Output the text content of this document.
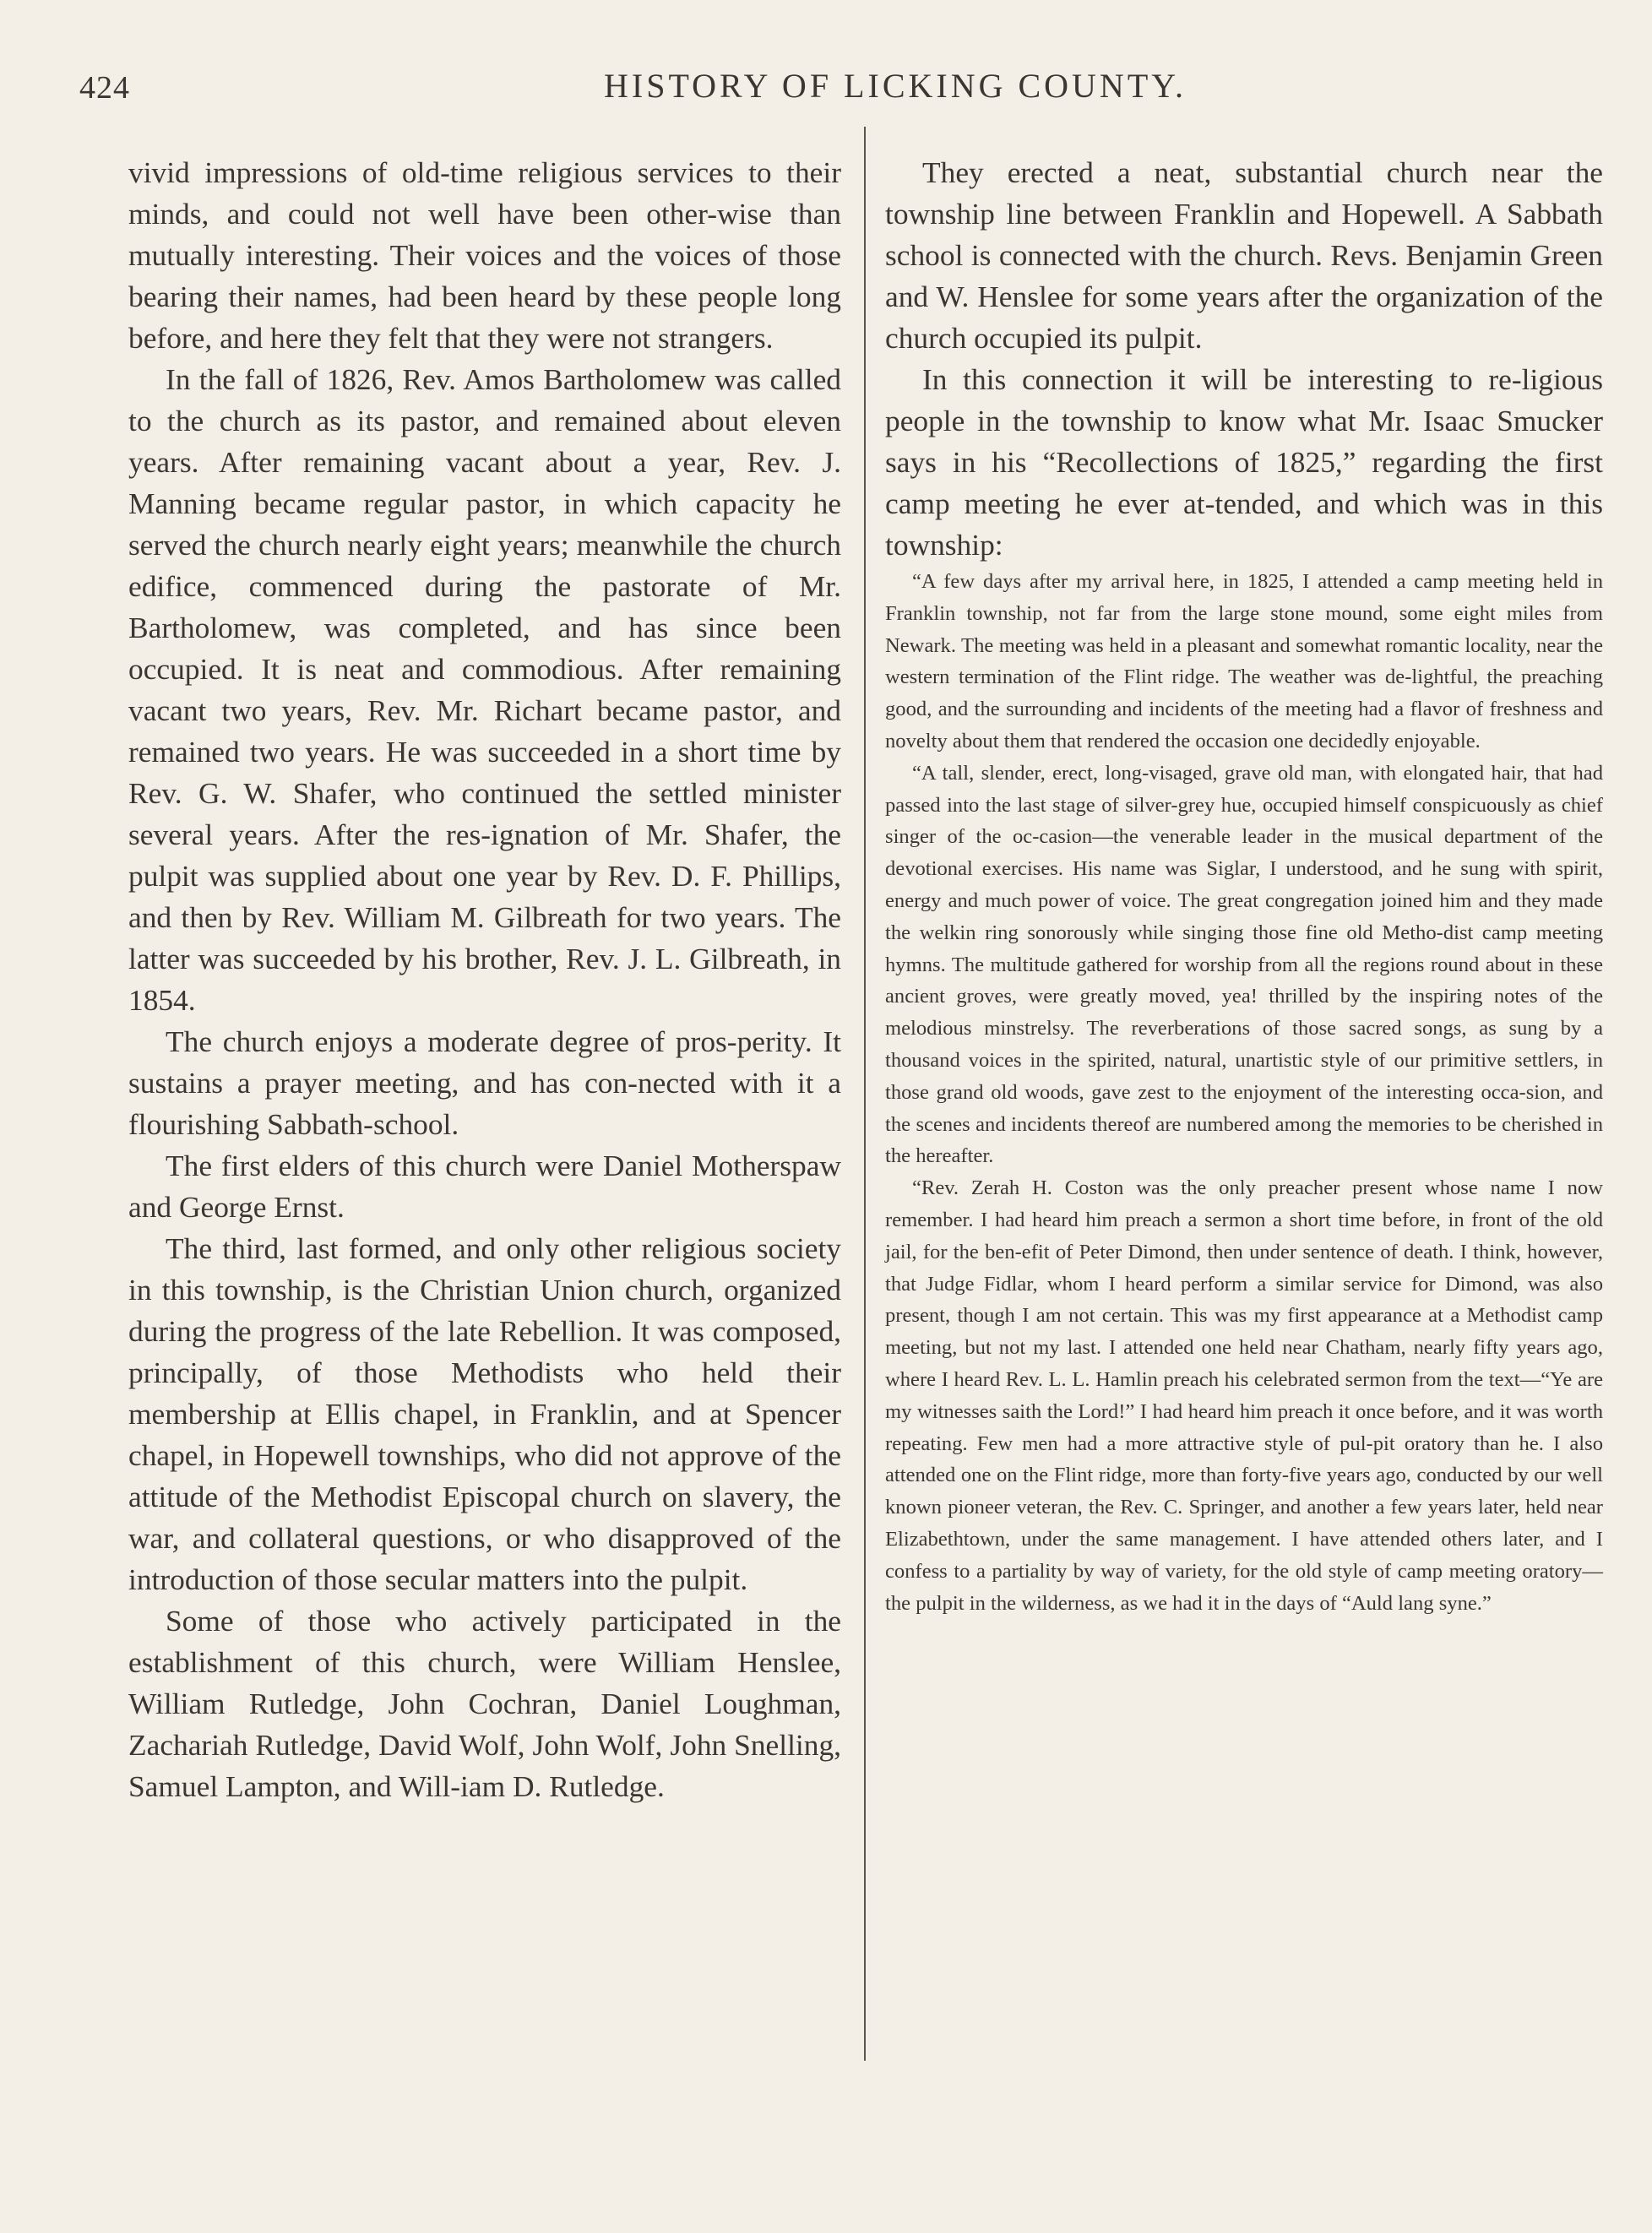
424	HISTORY OF LICKING COUNTY.

vivid impressions of old-time religious services to their minds, and could not well have been other-wise than mutually interesting. Their voices and the voices of those bearing their names, had been heard by these people long before, and here they felt that they were not strangers.

In the fall of 1826, Rev. Amos Bartholomew was called to the church as its pastor, and remained about eleven years. After remaining vacant about a year, Rev. J. Manning became regular pastor, in which capacity he served the church nearly eight years; meanwhile the church edifice, commenced during the pastorate of Mr. Bartholomew, was completed, and has since been occupied. It is neat and commodious. After remaining vacant two years, Rev. Mr. Richart became pastor, and remained two years. He was succeeded in a short time by Rev. G. W. Shafer, who continued the settled minister several years. After the res-ignation of Mr. Shafer, the pulpit was supplied about one year by Rev. D. F. Phillips, and then by Rev. William M. Gilbreath for two years. The latter was succeeded by his brother, Rev. J. L. Gilbreath, in 1854.

The church enjoys a moderate degree of pros-perity. It sustains a prayer meeting, and has con-nected with it a flourishing Sabbath-school.

The first elders of this church were Daniel Motherspaw and George Ernst.

The third, last formed, and only other religious society in this township, is the Christian Union church, organized during the progress of the late Rebellion. It was composed, principally, of those Methodists who held their membership at Ellis chapel, in Franklin, and at Spencer chapel, in Hopewell townships, who did not approve of the attitude of the Methodist Episcopal church on slavery, the war, and collateral questions, or who disapproved of the introduction of those secular matters into the pulpit.

Some of those who actively participated in the establishment of this church, were William Henslee, William Rutledge, John Cochran, Daniel Loughman, Zachariah Rutledge, David Wolf, John Wolf, John Snelling, Samuel Lampton, and Will-iam D. Rutledge.

They erected a neat, substantial church near the township line between Franklin and Hopewell. A Sabbath school is connected with the church. Revs. Benjamin Green and W. Henslee for some years after the organization of the church occupied its pulpit.

In this connection it will be interesting to re-ligious people in the township to know what Mr. Isaac Smucker says in his “Recollections of 1825,” regarding the first camp meeting he ever at-tended, and which was in this township:

“A few days after my arrival here, in 1825, I attended a camp meeting held in Franklin township, not far from the large stone mound, some eight miles from Newark. The meeting was held in a pleasant and somewhat romantic locality, near the western termination of the Flint ridge. The weather was de-lightful, the preaching good, and the surrounding and incidents of the meeting had a flavor of freshness and novelty about them that rendered the occasion one decidedly enjoyable.

“A tall, slender, erect, long-visaged, grave old man, with elongated hair, that had passed into the last stage of silver-grey hue, occupied himself conspicuously as chief singer of the oc-casion—the venerable leader in the musical department of the devotional exercises. His name was Siglar, I understood, and he sung with spirit, energy and much power of voice. The great congregation joined him and they made the welkin ring sonorously while singing those fine old Metho-dist camp meeting hymns. The multitude gathered for worship from all the regions round about in these ancient groves, were greatly moved, yea! thrilled by the inspiring notes of the melodious minstrelsy. The reverberations of those sacred songs, as sung by a thousand voices in the spirited, natural, unartistic style of our primitive settlers, in those grand old woods, gave zest to the enjoyment of the interesting occa-sion, and the scenes and incidents thereof are numbered among the memories to be cherished in the hereafter.

“Rev. Zerah H. Coston was the only preacher present whose name I now remember. I had heard him preach a sermon a short time before, in front of the old jail, for the ben-efit of Peter Dimond, then under sentence of death. I think, however, that Judge Fidlar, whom I heard perform a similar service for Dimond, was also present, though I am not certain. This was my first appearance at a Methodist camp meeting, but not my last. I attended one held near Chatham, nearly fifty years ago, where I heard Rev. L. L. Hamlin preach his celebrated sermon from the text—“Ye are my witnesses saith the Lord!” I had heard him preach it once before, and it was worth repeating. Few men had a more attractive style of pul-pit oratory than he. I also attended one on the Flint ridge, more than forty-five years ago, conducted by our well known pioneer veteran, the Rev. C. Springer, and another a few years later, held near Elizabethtown, under the same management. I have attended others later, and I confess to a partiality by way of variety, for the old style of camp meeting oratory—the pulpit in the wilderness, as we had it in the days of “Auld lang syne.”
